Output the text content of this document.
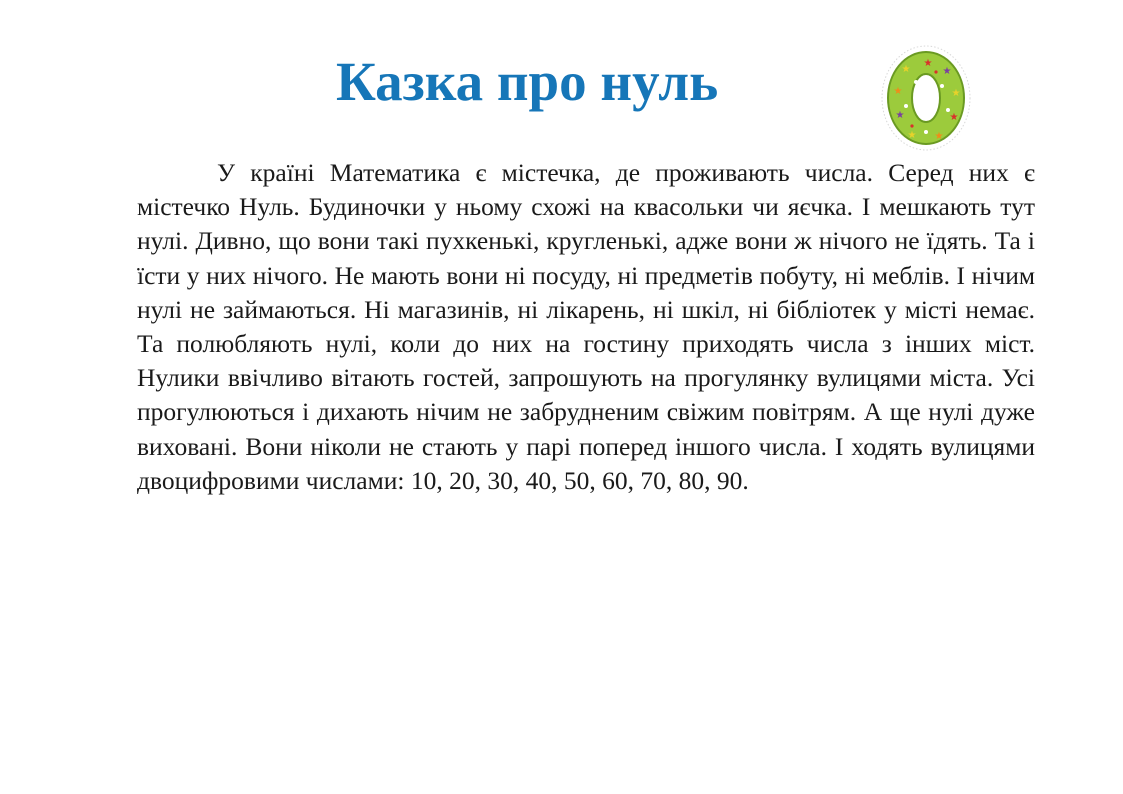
Казка про нуль	★
★
★
★	★
★	★
★ ★

У країні Математика є містечка, де проживають числа. Серед них є містечко Нуль. Будиночки у ньому схожі на квасольки чи яєчка. І мешкають тут нулі. Дивно, що вони такі пухкенькі, кругленькі, адже вони ж нічого не їдять. Та і їсти у них нічого. Не мають вони ні посуду, ні предметів побуту, ні меблів. І нічим нулі не займаються. Ні магазинів, ні лікарень, ні шкіл, ні бібліотек у місті немає. Та полюбляють нулі, коли до них на гостину приходять числа з інших міст. Нулики ввічливо вітають гостей, запрошують на прогулянку вулицями міста. Усі прогулюються і дихають нічим не забрудненим свіжим повітрям. А ще нулі дуже виховані. Вони ніколи не стають у парі поперед іншого числа. І ходять вулицями двоцифровими числами: 10, 20, 30, 40, 50, 60, 70, 80, 90.
